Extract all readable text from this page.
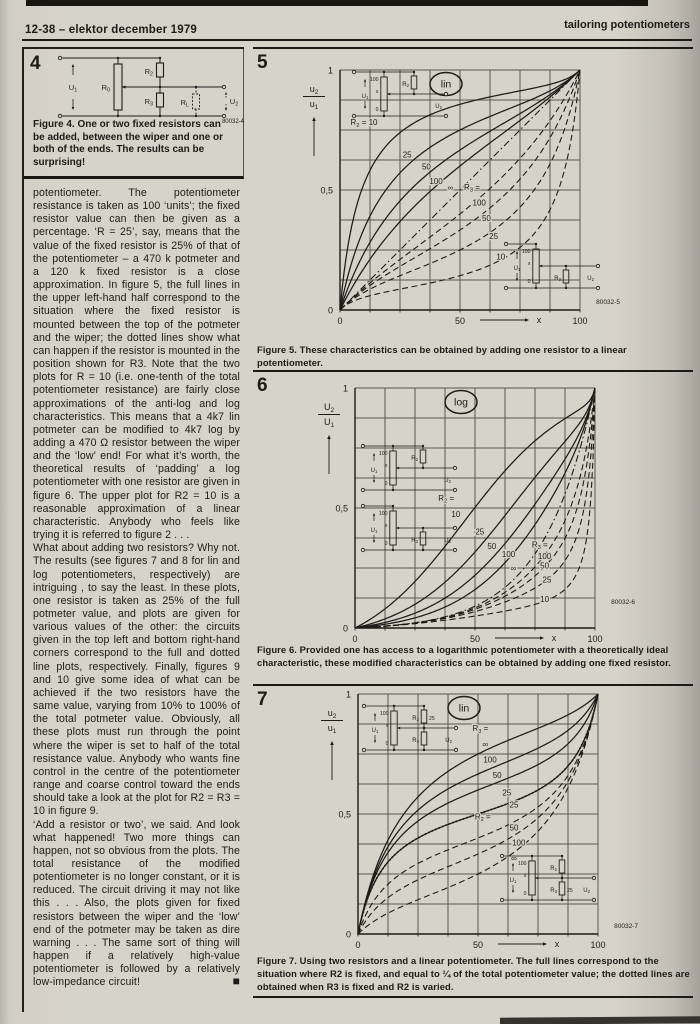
12-38 – elektor december 1979	tailoring potentiometers
4
$R_0$
$R_2$
$R_3$	$R_L$
$U_1$
$U_2$
80032-4
Figure 4. One or two fixed resistors can be added, between the wiper and one or both of the ends. The results can be surprising!

potentiometer. The potentiometer resistance is taken as 100 ‘units’; the fixed resistor value can then be given as a percentage. ‘R = 25’, say, means that the value of the fixed resistor is 25% of that of the potentiometer – a 470 k potmeter and a 120 k fixed resistor is a close approximation. In figure 5, the full lines in the upper left-hand half correspond to the situation where the fixed resistor is mounted between the top of the potmeter and the wiper; the dotted lines show what can happen if the resistor is mounted in the position shown for R3. Note that the two plots for R = 10 (i.e. one-tenth of the total potentiometer resistance) are fairly close approximations of the anti-log and log characteristics. This means that a 4k7 lin potmeter can be modified to 4k7 log by adding a 470 Ω resistor between the wiper and the ‘low’ end! For what it’s worth, the theoretical results of ‘padding’ a log potentiometer with one resistor are given in figure 6. The upper plot for R2 = 10 is a reasonable approximation of a linear characteristic. Anybody who feels like trying it is referred to figure 2 . . .

What about adding two resistors? Why not. The results (see figures 7 and 8 for lin and log potentiometers, respectively) are intriguing , to say the least. In these plots, one resistor is taken as 25% of the full potmeter value, and plots are given for various values of the other: the circuits given in the top left and bottom right-hand corners correspond to the full and dotted line plots, respectively. Finally, figures 9 and 10 give some idea of what can be achieved if the two resistors have the same value, varying from 10% to 100% of the total potmeter value. Obviously, all these plots must run through the point where the wiper is set to half of the total resistance value. Anybody who wants fine control in the centre of the potentiometer range and coarse control toward the ends should take a look at the plot for R2 = R3 = 10 in figure 9.

‘Add a resistor or two’, we said. And look what happened! Two more things can happen, not so obvious from the plots. The total resistance of the modified potentiometer is no longer constant, or it is reduced. The circuit driving it may not like this . . . Also, the plots given for fixed resistors between the wiper and the ‘low’ end of the potmeter may be taken as dire warning . . . The same sort of thing will happen if a relatively high-value potentiometer is followed by a relatively low-impedance circuit!	■

5	1
0,5
0
0	50	100
x
$u_2$
$u_1$
lin
80032-5
$R_2 = 10$
25
50
100
∞ $R_3$ =
100
50
25
10
100
x
0
$U_1$
$R_2$
$U_2$
100
x
0
$U_1$
$R_3$	$U_2$
Figure 5. These characteristics can be obtained by adding one resistor to a linear potentiometer.
6	1
0,5
0
0	50	100
x
$U_2$
$U_1$
log
80032-6
$R_2$ =
10
25
50
100
∞
$R_3$ =
100
50
25
10
100
x
0
$U_1$
$R_2$
$U_2$
100
x
0
$U_1$
$R_3$	$U_2$
Figure 6. Provided one has access to a logarithmic potentiometer with a theoretically ideal characteristic, these modified characteristics can be obtained by adding one fixed resistor.
7	1
0,5
0
0	50	100
x
$u_2$
$u_1$
lin
80032-7
$R_3$ =
∞
100
50
25
25
$R_2$ =
50
100
∞
100
x
0
$U_1$
$R_2$ 25
$R_3$	$U_2$
100
x
0
$U_1$
$R_2$
$R_3$ 25 $U_2$
Figure 7. Using two resistors and a linear potentiometer. The full lines correspond to the situation where R2 is fixed, and equal to ¼ of the total potentiometer value; the dotted lines are obtained when R3 is fixed and R2 is varied.
